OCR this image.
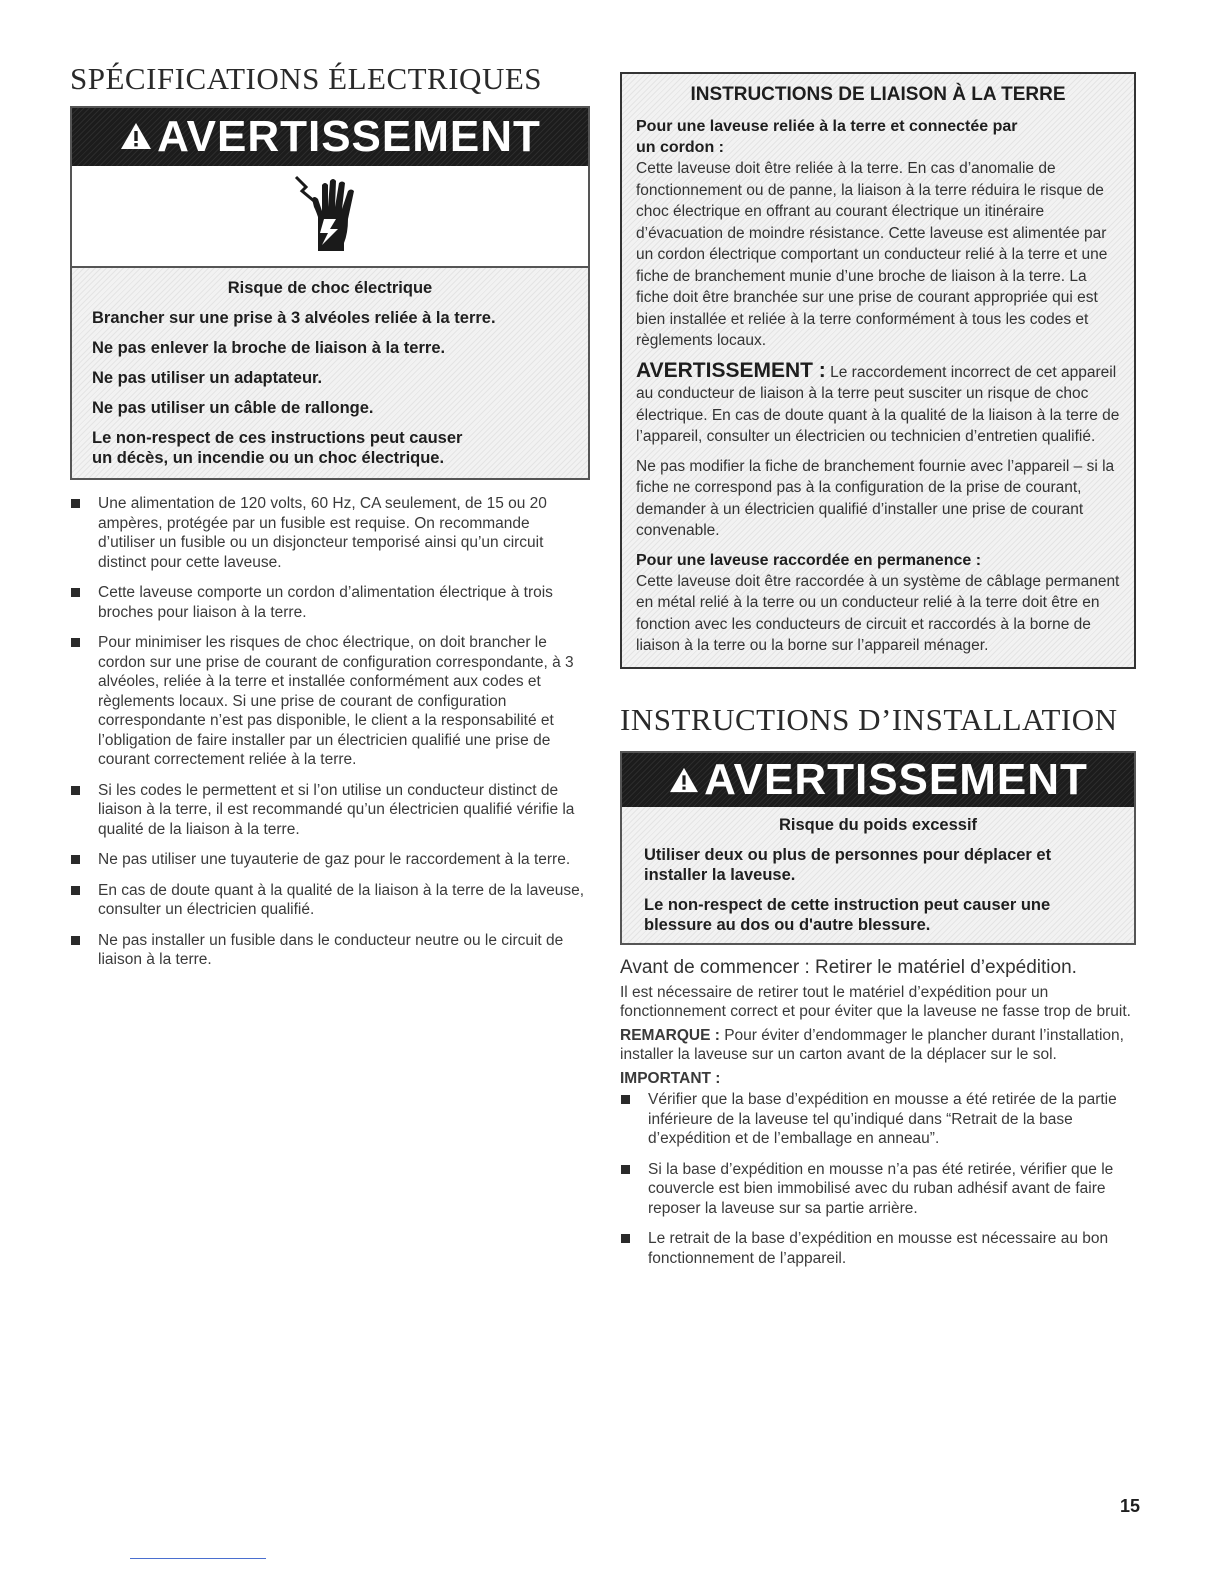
SPÉCIFICATIONS ÉLECTRIQUES
AVERTISSEMENT

Risque de choc électrique

Brancher sur une prise à 3 alvéoles reliée à la terre.

Ne pas enlever la broche de liaison à la terre.

Ne pas utiliser un adaptateur.

Ne pas utiliser un câble de rallonge.

Le non-respect de ces instructions peut causer
un décès, un incendie ou un choc électrique.

Une alimentation de 120 volts, 60 Hz, CA seulement, de 15 ou 20 ampères, protégée par un fusible est requise. On recommande d’utiliser un fusible ou un disjoncteur temporisé ainsi qu’un circuit distinct pour cette laveuse.
Cette laveuse comporte un cordon d’alimentation électrique à trois broches pour liaison à la terre.
Pour minimiser les risques de choc électrique, on doit brancher le cordon sur une prise de courant de configuration correspondante, à 3 alvéoles, reliée à la terre et installée conformément aux codes et règlements locaux. Si une prise de courant de configuration correspondante n’est pas disponible, le client a la responsabilité et l’obligation de faire installer par un électricien qualifié une prise de courant correctement reliée à la terre.
Si les codes le permettent et si l’on utilise un conducteur distinct de liaison à la terre, il est recommandé qu’un électricien qualifié vérifie la qualité de la liaison à la terre.
Ne pas utiliser une tuyauterie de gaz pour le raccordement à la terre.
En cas de doute quant à la qualité de la liaison à la terre de la laveuse, consulter un électricien qualifié.
Ne pas installer un fusible dans le conducteur neutre ou le circuit de liaison à la terre.
INSTRUCTIONS DE LIAISON À LA TERRE

Pour une laveuse reliée à la terre et connectée par
un cordon :

Cette laveuse doit être reliée à la terre. En cas d’anomalie de fonctionnement ou de panne, la liaison à la terre réduira le risque de choc électrique en offrant au courant électrique un itinéraire d’évacuation de moindre résistance. Cette laveuse est alimentée par un cordon électrique comportant un conducteur relié à la terre et une fiche de branchement munie d’une broche de liaison à la terre. La fiche doit être branchée sur une prise de courant appropriée qui est bien installée et reliée à la terre conformément à tous les codes et règlements locaux.

AVERTISSEMENT : Le raccordement incorrect de cet appareil au conducteur de liaison à la terre peut susciter un risque de choc électrique. En cas de doute quant à la qualité de la liaison à la terre de l’appareil, consulter un électricien ou technicien d’entretien qualifié.

Ne pas modifier la fiche de branchement fournie avec l’appareil – si la fiche ne correspond pas à la configuration de la prise de courant, demander à un électricien qualifié d’installer une prise de courant convenable.

Pour une laveuse raccordée en permanence :

Cette laveuse doit être raccordée à un système de câblage permanent en métal relié à la terre ou un conducteur relié à la terre doit être en fonction avec les conducteurs de circuit et raccordés à la borne de liaison à la terre ou la borne sur l’appareil ménager.

INSTRUCTIONS D’INSTALLATION
AVERTISSEMENT

Risque du poids excessif

Utiliser deux ou plus de personnes pour déplacer et installer la laveuse.

Le non-respect de cette instruction peut causer une blessure au dos ou d'autre blessure.

Avant de commencer : Retirer le matériel d’expédition.

Il est nécessaire de retirer tout le matériel d’expédition pour un fonctionnement correct et pour éviter que la laveuse ne fasse trop de bruit.

REMARQUE : Pour éviter d’endommager le plancher durant l’installation, installer la laveuse sur un carton avant de la déplacer sur le sol.

IMPORTANT :

Vérifier que la base d’expédition en mousse a été retirée de la partie inférieure de la laveuse tel qu’indiqué dans “Retrait de la base d’expédition et de l’emballage en anneau”.
Si la base d’expédition en mousse n’a pas été retirée, vérifier que le couvercle est bien immobilisé avec du ruban adhésif avant de faire reposer la laveuse sur sa partie arrière.
Le retrait de la base d’expédition en mousse est nécessaire au bon fonctionnement de l’appareil.
15
